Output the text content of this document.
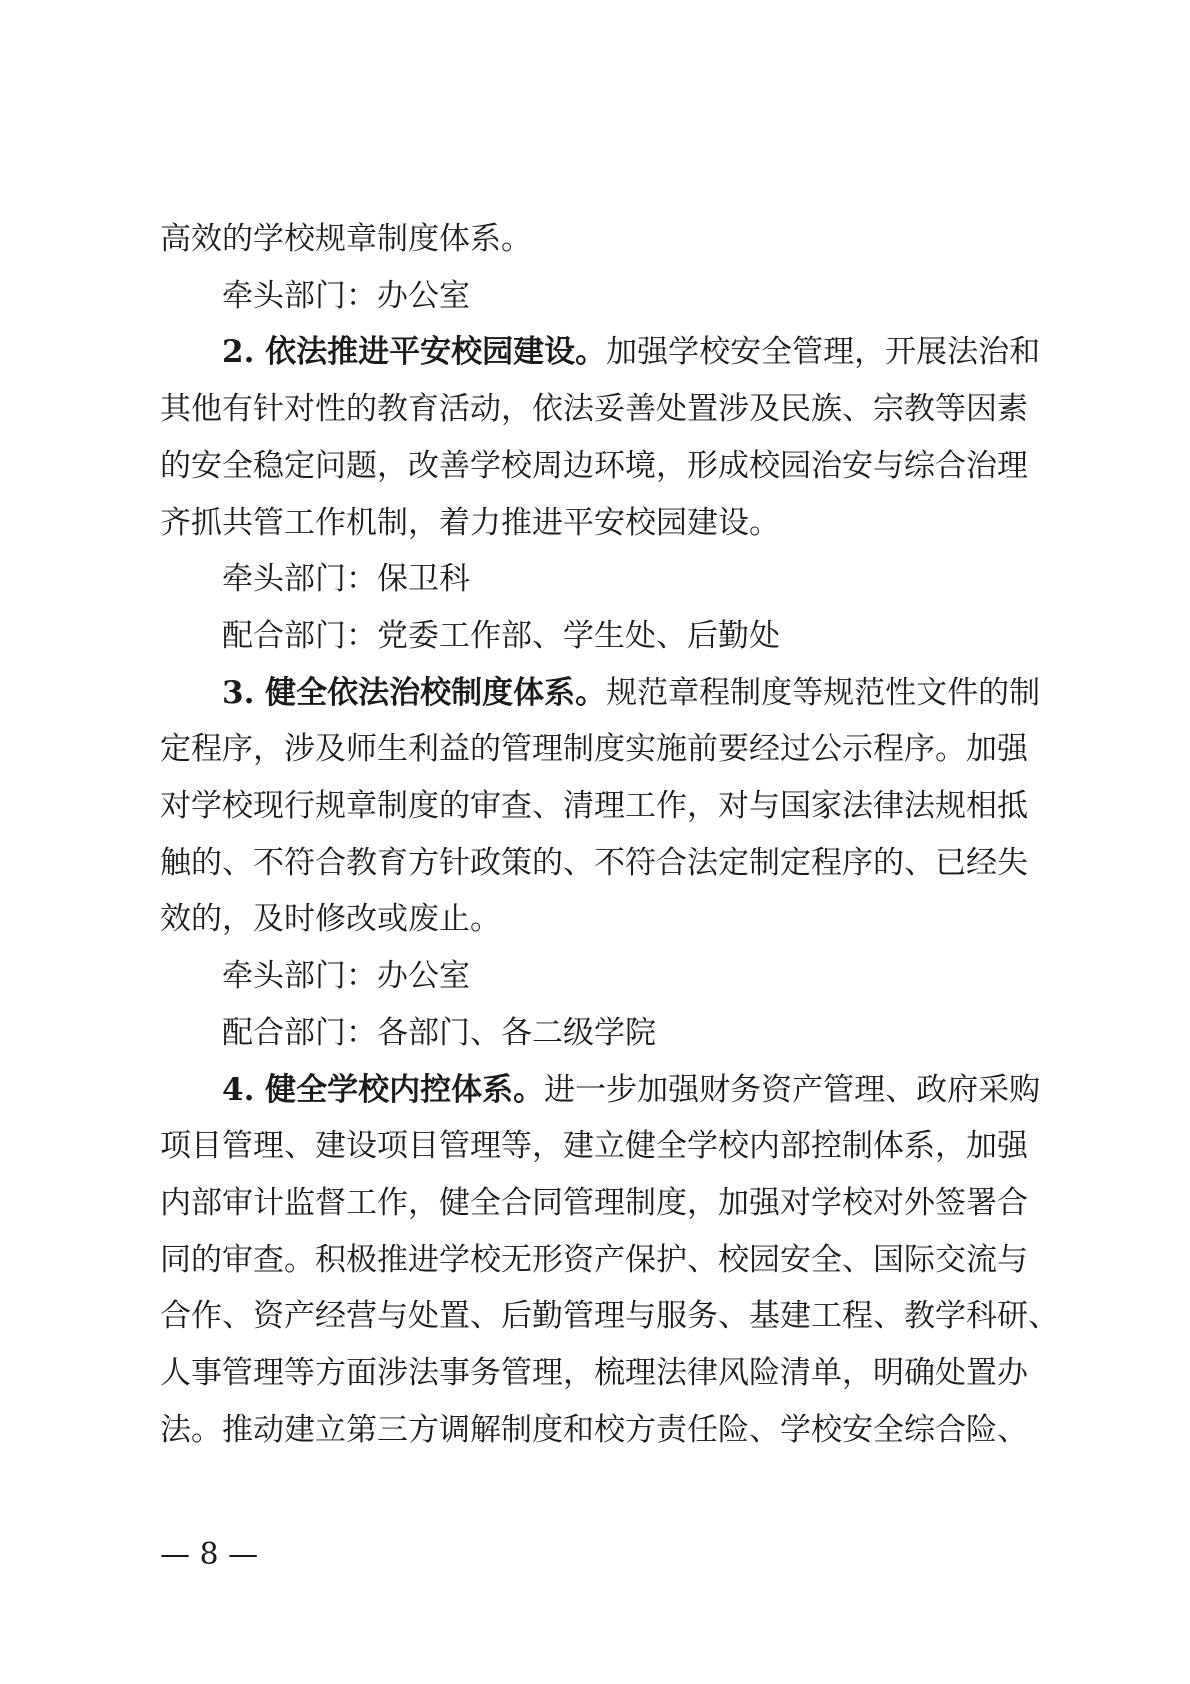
高效的学校规章制度体系。

牵头部门：办公室

2. 依法推进平安校园建设。加强学校安全管理，开展法治和
其他有针对性的教育活动，依法妥善处置涉及民族、宗教等因素
的安全稳定问题，改善学校周边环境，形成校园治安与综合治理
齐抓共管工作机制，着力推进平安校园建设。

牵头部门：保卫科

配合部门：党委工作部、学生处、后勤处

3. 健全依法治校制度体系。规范章程制度等规范性文件的制
定程序，涉及师生利益的管理制度实施前要经过公示程序。加强
对学校现行规章制度的审查、清理工作，对与国家法律法规相抵
触的、不符合教育方针政策的、不符合法定制定程序的、已经失
效的，及时修改或废止。

牵头部门：办公室

配合部门：各部门、各二级学院

4. 健全学校内控体系。进一步加强财务资产管理、政府采购
项目管理、建设项目管理等，建立健全学校内部控制体系，加强
内部审计监督工作，健全合同管理制度，加强对学校对外签署合
同的审查。积极推进学校无形资产保护、校园安全、国际交流与
合作、资产经营与处置、后勤管理与服务、基建工程、教学科研、
人事管理等方面涉法事务管理，梳理法律风险清单，明确处置办
法。推动建立第三方调解制度和校方责任险、学校安全综合险、

— 8 —
